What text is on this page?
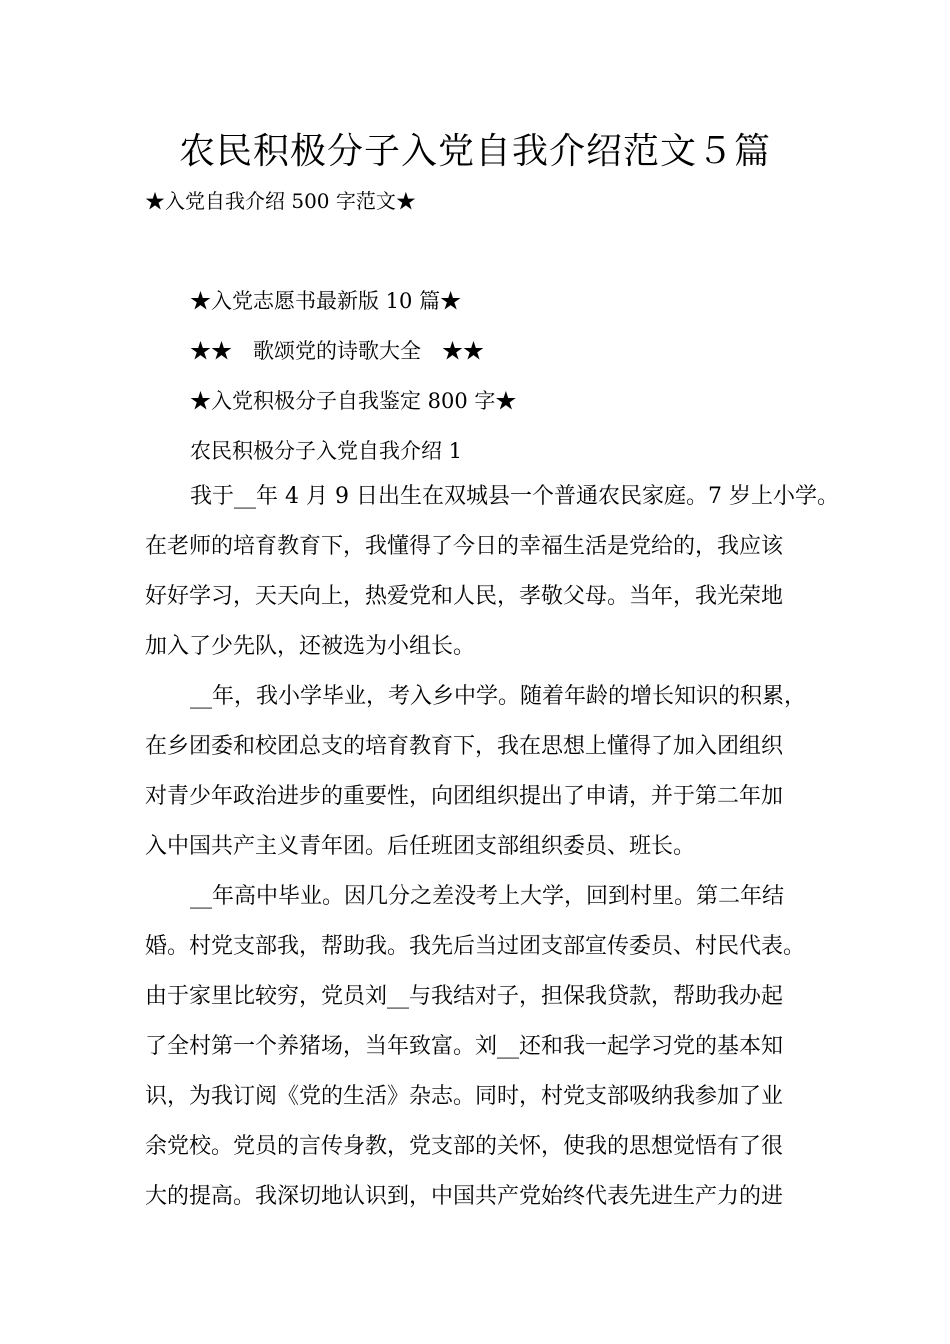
农民积极分子入党自我介绍范文５篇

★入党自我介绍 500 字范文★

★入党志愿书最新版 10 篇★

★★　歌颂党的诗歌大全　★★

★入党积极分子自我鉴定 800 字★

农民积极分子入党自我介绍 1

我于__年 4 月 9 日出生在双城县一个普通农民家庭。7 岁上小学。
在老师的培育教育下，我懂得了今日的幸福生活是党给的，我应该
好好学习，天天向上，热爱党和人民，孝敬父母。当年，我光荣地
加入了少先队，还被选为小组长。

__年，我小学毕业，考入乡中学。随着年龄的增长知识的积累，
在乡团委和校团总支的培育教育下，我在思想上懂得了加入团组织
对青少年政治进步的重要性，向团组织提出了申请，并于第二年加
入中国共产主义青年团。后任班团支部组织委员、班长。

__年高中毕业。因几分之差没考上大学，回到村里。第二年结
婚。村党支部我，帮助我。我先后当过团支部宣传委员、村民代表。
由于家里比较穷，党员刘__与我结对子，担保我贷款，帮助我办起
了全村第一个养猪场，当年致富。刘__还和我一起学习党的基本知
识，为我订阅《党的生活》杂志。同时，村党支部吸纳我参加了业
余党校。党员的言传身教，党支部的关怀，使我的思想觉悟有了很
大的提高。我深切地认识到，中国共产党始终代表先进生产力的进
